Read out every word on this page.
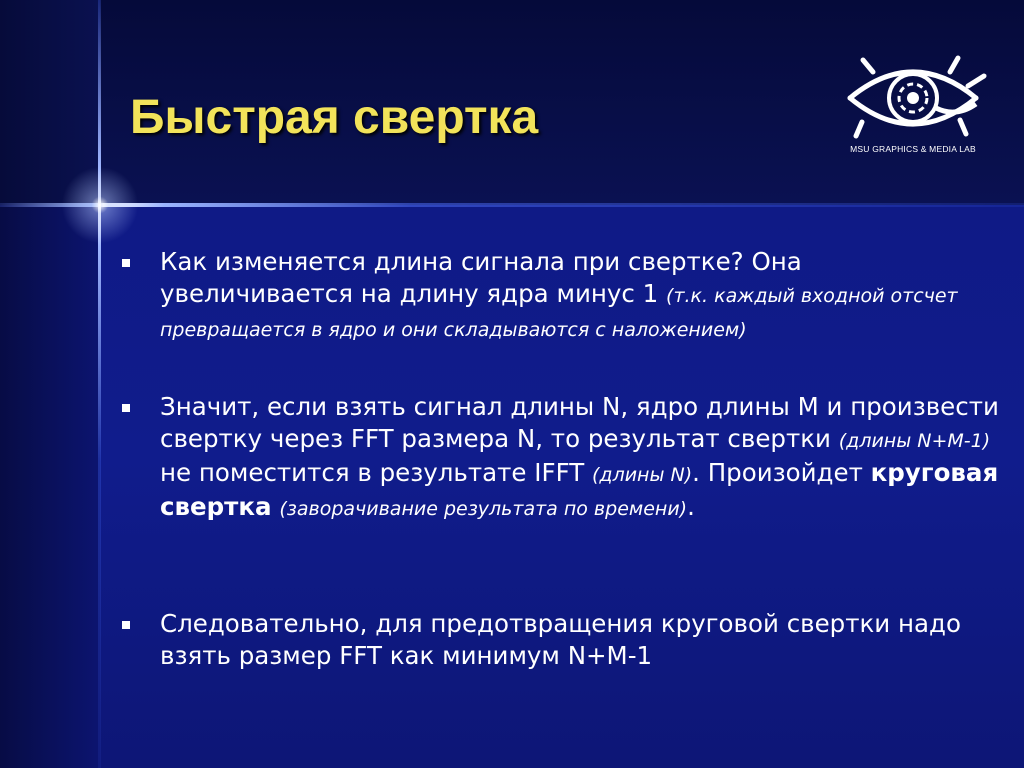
Быстрая свертка
MSU GRAPHICS & MEDIA LAB
Как изменяется длина сигнала при свертке? Она увеличивается на длину ядра минус 1 (т.к. каждый входной отсчет превращается в ядро и они складываются с наложением)
Значит, если взять сигнал длины N, ядро длины M и произвести свертку через FFT размера N, то результат свертки (длины N+M-1) не поместится в результате IFFT (длины N). Произойдет круговая свертка (заворачивание результата по времени).
Следовательно, для предотвращения круговой свертки надо взять размер FFT как минимум N+M-1
